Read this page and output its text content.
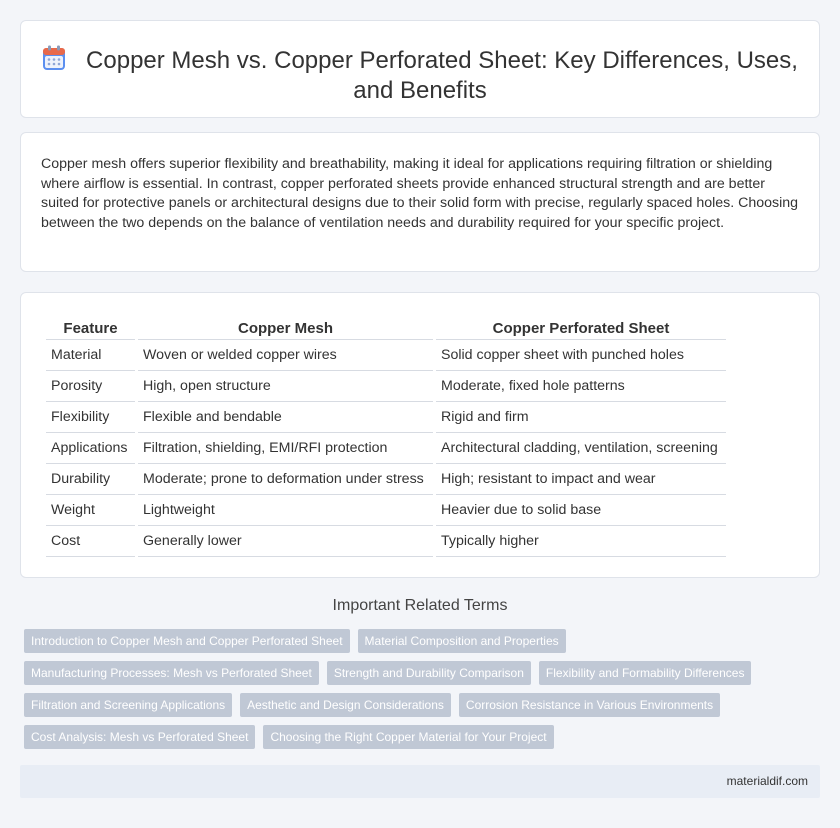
Copper Mesh vs. Copper Perforated Sheet: Key Differences, Uses, and Benefits

Copper mesh offers superior flexibility and breathability, making it ideal for applications requiring filtration or shielding where airflow is essential. In contrast, copper perforated sheets provide enhanced structural strength and are better suited for protective panels or architectural designs due to their solid form with precise, regularly spaced holes. Choosing between the two depends on the balance of ventilation needs and durability required for your specific project.

Feature	Copper Mesh	Copper Perforated Sheet
Material	Woven or welded copper wires	Solid copper sheet with punched holes
Porosity	High, open structure	Moderate, fixed hole patterns
Flexibility	Flexible and bendable	Rigid and firm
Applications	Filtration, shielding, EMI/RFI protection	Architectural cladding, ventilation, screening
Durability	Moderate; prone to deformation under stress	High; resistant to impact and wear
Weight	Lightweight	Heavier due to solid base
Cost	Generally lower	Typically higher
Important Related Terms
Introduction to Copper Mesh and Copper Perforated Sheet	Material Composition and Properties
Manufacturing Processes: Mesh vs Perforated Sheet	Strength and Durability Comparison	Flexibility and Formability Differences
Filtration and Screening Applications	Aesthetic and Design Considerations	Corrosion Resistance in Various Environments
Cost Analysis: Mesh vs Perforated Sheet	Choosing the Right Copper Material for Your Project
materialdif.com
